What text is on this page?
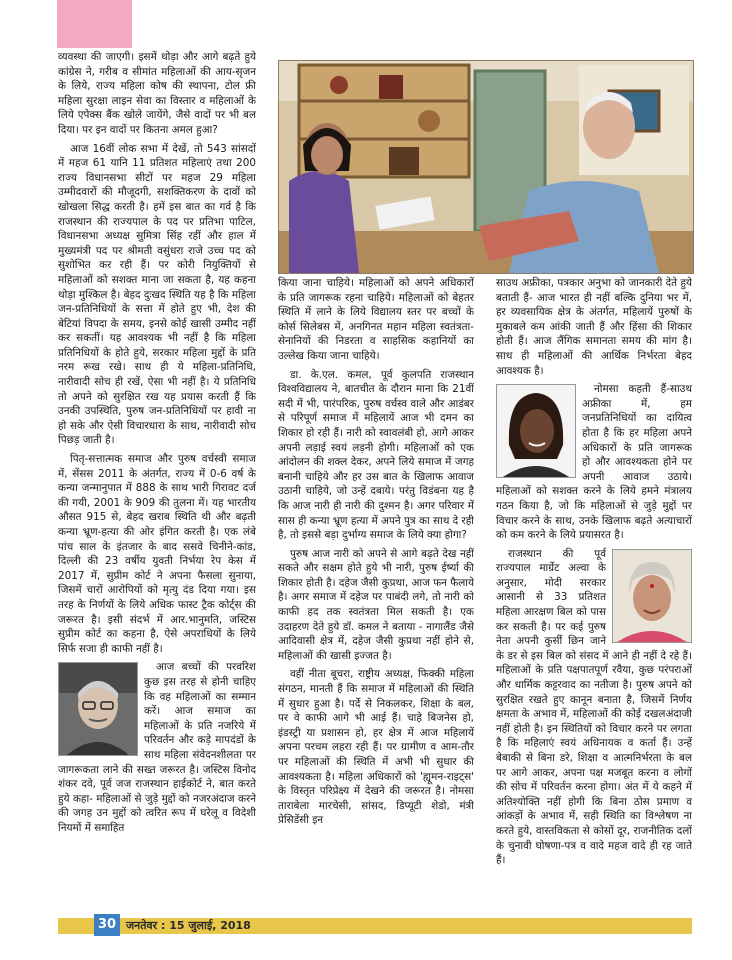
व्यवस्था की जाएगी। इसमें थोड़ा और आगे बढ़ते हुये कांग्रेस ने, गरीब व सीमांत महिलाओं की आय-सृजन के लिये, राज्य महिला कोष की स्थापना, टोल फ्री महिला सुरक्षा लाइन सेवा का विस्तार व महिलाओं के लिये एपेक्स बैंक खोले जायेंगे, जैसे वादों पर भी बल दिया। पर इन वादों पर कितना अमल हुआ?

आज 16वीं लोक सभा में देखें, तो 543 सांसदों में महज 61 यानि 11 प्रतिशत महिलाएं तथा 200 राज्य विधानसभा सीटों पर महज 29 महिला उम्मीदवारों की मौजूदगी, सशक्तिकरण के दावों को खोखला सिद्ध करती है। हमें इस बात का गर्व है कि राजस्थान की राज्यपाल के पद पर प्रतिभा पाटिल, विधानसभा अध्यक्ष सुमित्रा सिंह रहीं और हाल में मुख्यमंत्री पद पर श्रीमती वसुंधरा राजे उच्च पद को सुशोभित कर रही हैं। पर कोरी नियुक्तियों से महिलाओं को सशक्त माना जा सकता है, यह कहना थोड़ा मुश्किल है। बेहद दुःखद स्थिति यह है कि महिला जन-प्रतिनिधियों के सत्ता में होते हुए भी, देश की बेटियां विपदा के समय, इनसे कोई खासी उम्मीद नहीं कर सकतीं। यह आवश्यक भी नहीं है कि महिला प्रतिनिधियों के होते हुये, सरकार महिला मुद्दों के प्रति नरम रूख रखे। साथ ही ये महिला-प्रतिनिधि, नारीवादी सोच ही रखें, ऐसा भी नहीं है। ये प्रतिनिधि तो अपने को सुरक्षित रख यह प्रयास करती हैं कि उनकी उपस्थिति, पुरुष जन-प्रतिनिधियों पर हावी ना हो सके और ऐसी विचारधारा के साथ, नारीवादी सोच पिछड़ जाती है।

पितृ-सत्तात्मक समाज और पुरुष वर्चस्वी समाज में, सेंसस 2011 के अंतर्गत, राज्य में 0-6 वर्ष के कन्या जन्मानुपात में 888 के साथ भारी गिरावट दर्ज की गयी, 2001 के 909 की तुलना में। यह भारतीय औसत 915 से, बेहद खराब स्थिति थी और बढ़ती कन्या भ्रूण-हत्या की ओर इंगित करती है। एक लंबे पांच साल के इंतजार के बाद ससवे चिनीने-कांड, दिल्ली की 23 वर्षीय युवती निर्भया रेप केस में 2017 में, सुप्रीम कोर्ट ने अपना फैसला सुनाया, जिसमें चारों आरोपियों को मृत्यु दंड दिया गया। इस तरह के निर्णयों के लिये अधिक फास्ट ट्रैक कोर्ट्स की जरूरत है। इसी संदर्भ में आर.भानुमति, जस्टिस सुप्रीम कोर्ट का कहना है, ऐसे अपराधियों के लिये सिर्फ सजा ही काफी नहीं है।

आज बच्चों की परवरिश कुछ इस तरह से होनी चाहिए कि वह महिलाओं का सम्मान करें। आज समाज का महिलाओं के प्रति नजरिये में परिवर्तन और कड़े मापदंडों के साथ महिला संवेदनशीलता पर जागरूकता लाने की सख्त जरूरत है। जस्टिस विनोद शंकर दवे, पूर्व जज राजस्थान हाईकोर्ट ने, बात करते हुये कहा- महिलाओं से जुड़े मुद्दों को नजरअंदाज करने की जगह उन मुद्दों को त्वरित रूप में घरेलू व विदेशी नियमों में समाहित

किया जाना चाहिये। महिलाओं को अपने अधिकारों के प्रति जागरूक रहना चाहिये। महिलाओं को बेहतर स्थिति में लाने के लिये विद्यालय स्तर पर बच्चों के कोर्स सिलेबस में, अनगिनत महान महिला स्वतंत्रता-सेनानियों की निडरता व साहसिक कहानियों का उल्लेख किया जाना चाहिये।

डा. के.एल. कमल, पूर्व कुलपति राजस्थान विश्वविद्यालय ने, बातचीत के दौरान माना कि 21वीं सदी में भी, पारंपरिक, पुरुष वर्चस्व वाले और आडंबर से परिपूर्ण समाज में महिलायें आज भी दमन का शिकार हो रही हैं। नारी को स्वावलंबी हो, आगे आकर अपनी लड़ाई स्वयं लड़नी होगी। महिलाओं को एक आंदोलन की शक्ल देकर, अपने लिये समाज में जगह बनानी चाहिये और हर उस बात के खिलाफ आवाज उठानी चाहिये, जो उन्हें दबाये। परंतु विडंबना यह है कि आज नारी ही नारी की दुश्मन है। अगर परिवार में सास ही कन्या भ्रूण हत्या में अपने पुत्र का साथ दे रही है, तो इससे बड़ा दुर्भाग्य समाज के लिये क्या होगा?

पुरुष आज नारी को अपने से आगे बढ़ते देख नहीं सकते और सक्षम होते हुये भी नारी, पुरुष ईर्ष्या की शिकार होती है। दहेज जैसी कुप्रथा, आज फन फैलाये है। अगर समाज में दहेज पर पाबंदी लगे, तो नारी को काफी हद तक स्वतंत्रता मिल सकती है। एक उदाहरण देते हुये डॉ. कमल ने बताया - नागालैंड जैसे आदिवासी क्षेत्र में, दहेज जैसी कुप्रथा नहीं होने से, महिलाओं की खासी इज्जत है।

वहीं नीता बूचरा, राष्ट्रीय अध्यक्ष, फिक्की महिला संगठन, मानती हैं कि समाज में महिलाओं की स्थिति में सुधार हुआ है। पर्दे से निकलकर, शिक्षा के बल, पर वे काफी आगे भी आई हैं। चाहे बिजनेस हो, इंडस्ट्री या प्रशासन हो, हर क्षेत्र में आज महिलायें अपना परचम लहरा रही हैं। पर ग्रामीण व आम-तौर पर महिलाओं की स्थिति में अभी भी सुधार की आवश्यकता है। महिला अधिकारों को 'ह्यूमन-राइट्स' के विस्तृत परिप्रेक्ष्य में देखने की जरूरत है। नोमसा ताराबेला मारचेसी, सांसद, डिप्यूटी शेडो, मंत्री प्रेसिडेंसी इन

साउथ अफ्रीका, पत्रकार अनुभा को जानकारी देते हुये बताती हैं- आज भारत ही नहीं बल्कि दुनिया भर में, हर व्यवसायिक क्षेत्र के अंतर्गत, महिलायें पुरुषों के मुकाबले कम आंकी जाती हैं और हिंसा की शिकार होती हैं। आज लैंगिक समानता समय की मांग है। साथ ही महिलाओं की आर्थिक निर्भरता बेहद आवश्यक है।

नोमसा कहती हैं-साउथ अफ्रीका में, हम जनप्रतिनिधियों का दायित्व होता है कि हर महिला अपने अधिकारों के प्रति जागरूक हो और आवश्यकता होने पर अपनी आवाज उठाये। महिलाओं को सशक्त करने के लिये हमने मंत्रालय गठन किया है, जो कि महिलाओं से जुड़े मुद्दों पर विचार करने के साथ, उनके खिलाफ बढ़ते अत्याचारों को कम करने के लिये प्रयासरत है।

राजस्थान की पूर्व राज्यपाल मार्ग्रेट अल्वा के अनुसार, मोदी सरकार आसानी से 33 प्रतिशत महिला आरक्षण बिल को पास कर सकती है। पर कई पुरुष नेता अपनी कुर्सी छिन जाने के डर से इस बिल को संसद में आने ही नहीं दे रहे हैं। महिलाओं के प्रति पक्षपातपूर्ण रवैया, कुछ परंपराओं और धार्मिक कट्टरवाद का नतीजा है। पुरुष अपने को सुरक्षित रखते हुए कानून बनाता है, जिसमें निर्णय क्षमता के अभाव में, महिलाओं की कोई दखलअंदाजी नहीं होती है। इन स्थितियों को विचार करने पर लगता है कि महिलाएं स्वयं अधिनायक व कर्ता हैं। उन्हें बेबाकी से बिना डरे, शिक्षा व आत्मनिर्भरता के बल पर आगे आकर, अपना पक्ष मजबूत करना व लोगों की सोच में परिवर्तन करना होगा। अंत में ये कहने में अतिश्योक्ति नहीं होगी कि बिना ठोस प्रमाण व आंकड़ों के अभाव में, सही स्थिति का विश्लेषण ना करते हुये, वास्तविकता से कोसों दूर, राजनीतिक दलों के चुनावी घोषणा-पत्र व वादे महज वादे ही रह जाते हैं।

30 जनतेवर : 15 जुलाई, 2018
